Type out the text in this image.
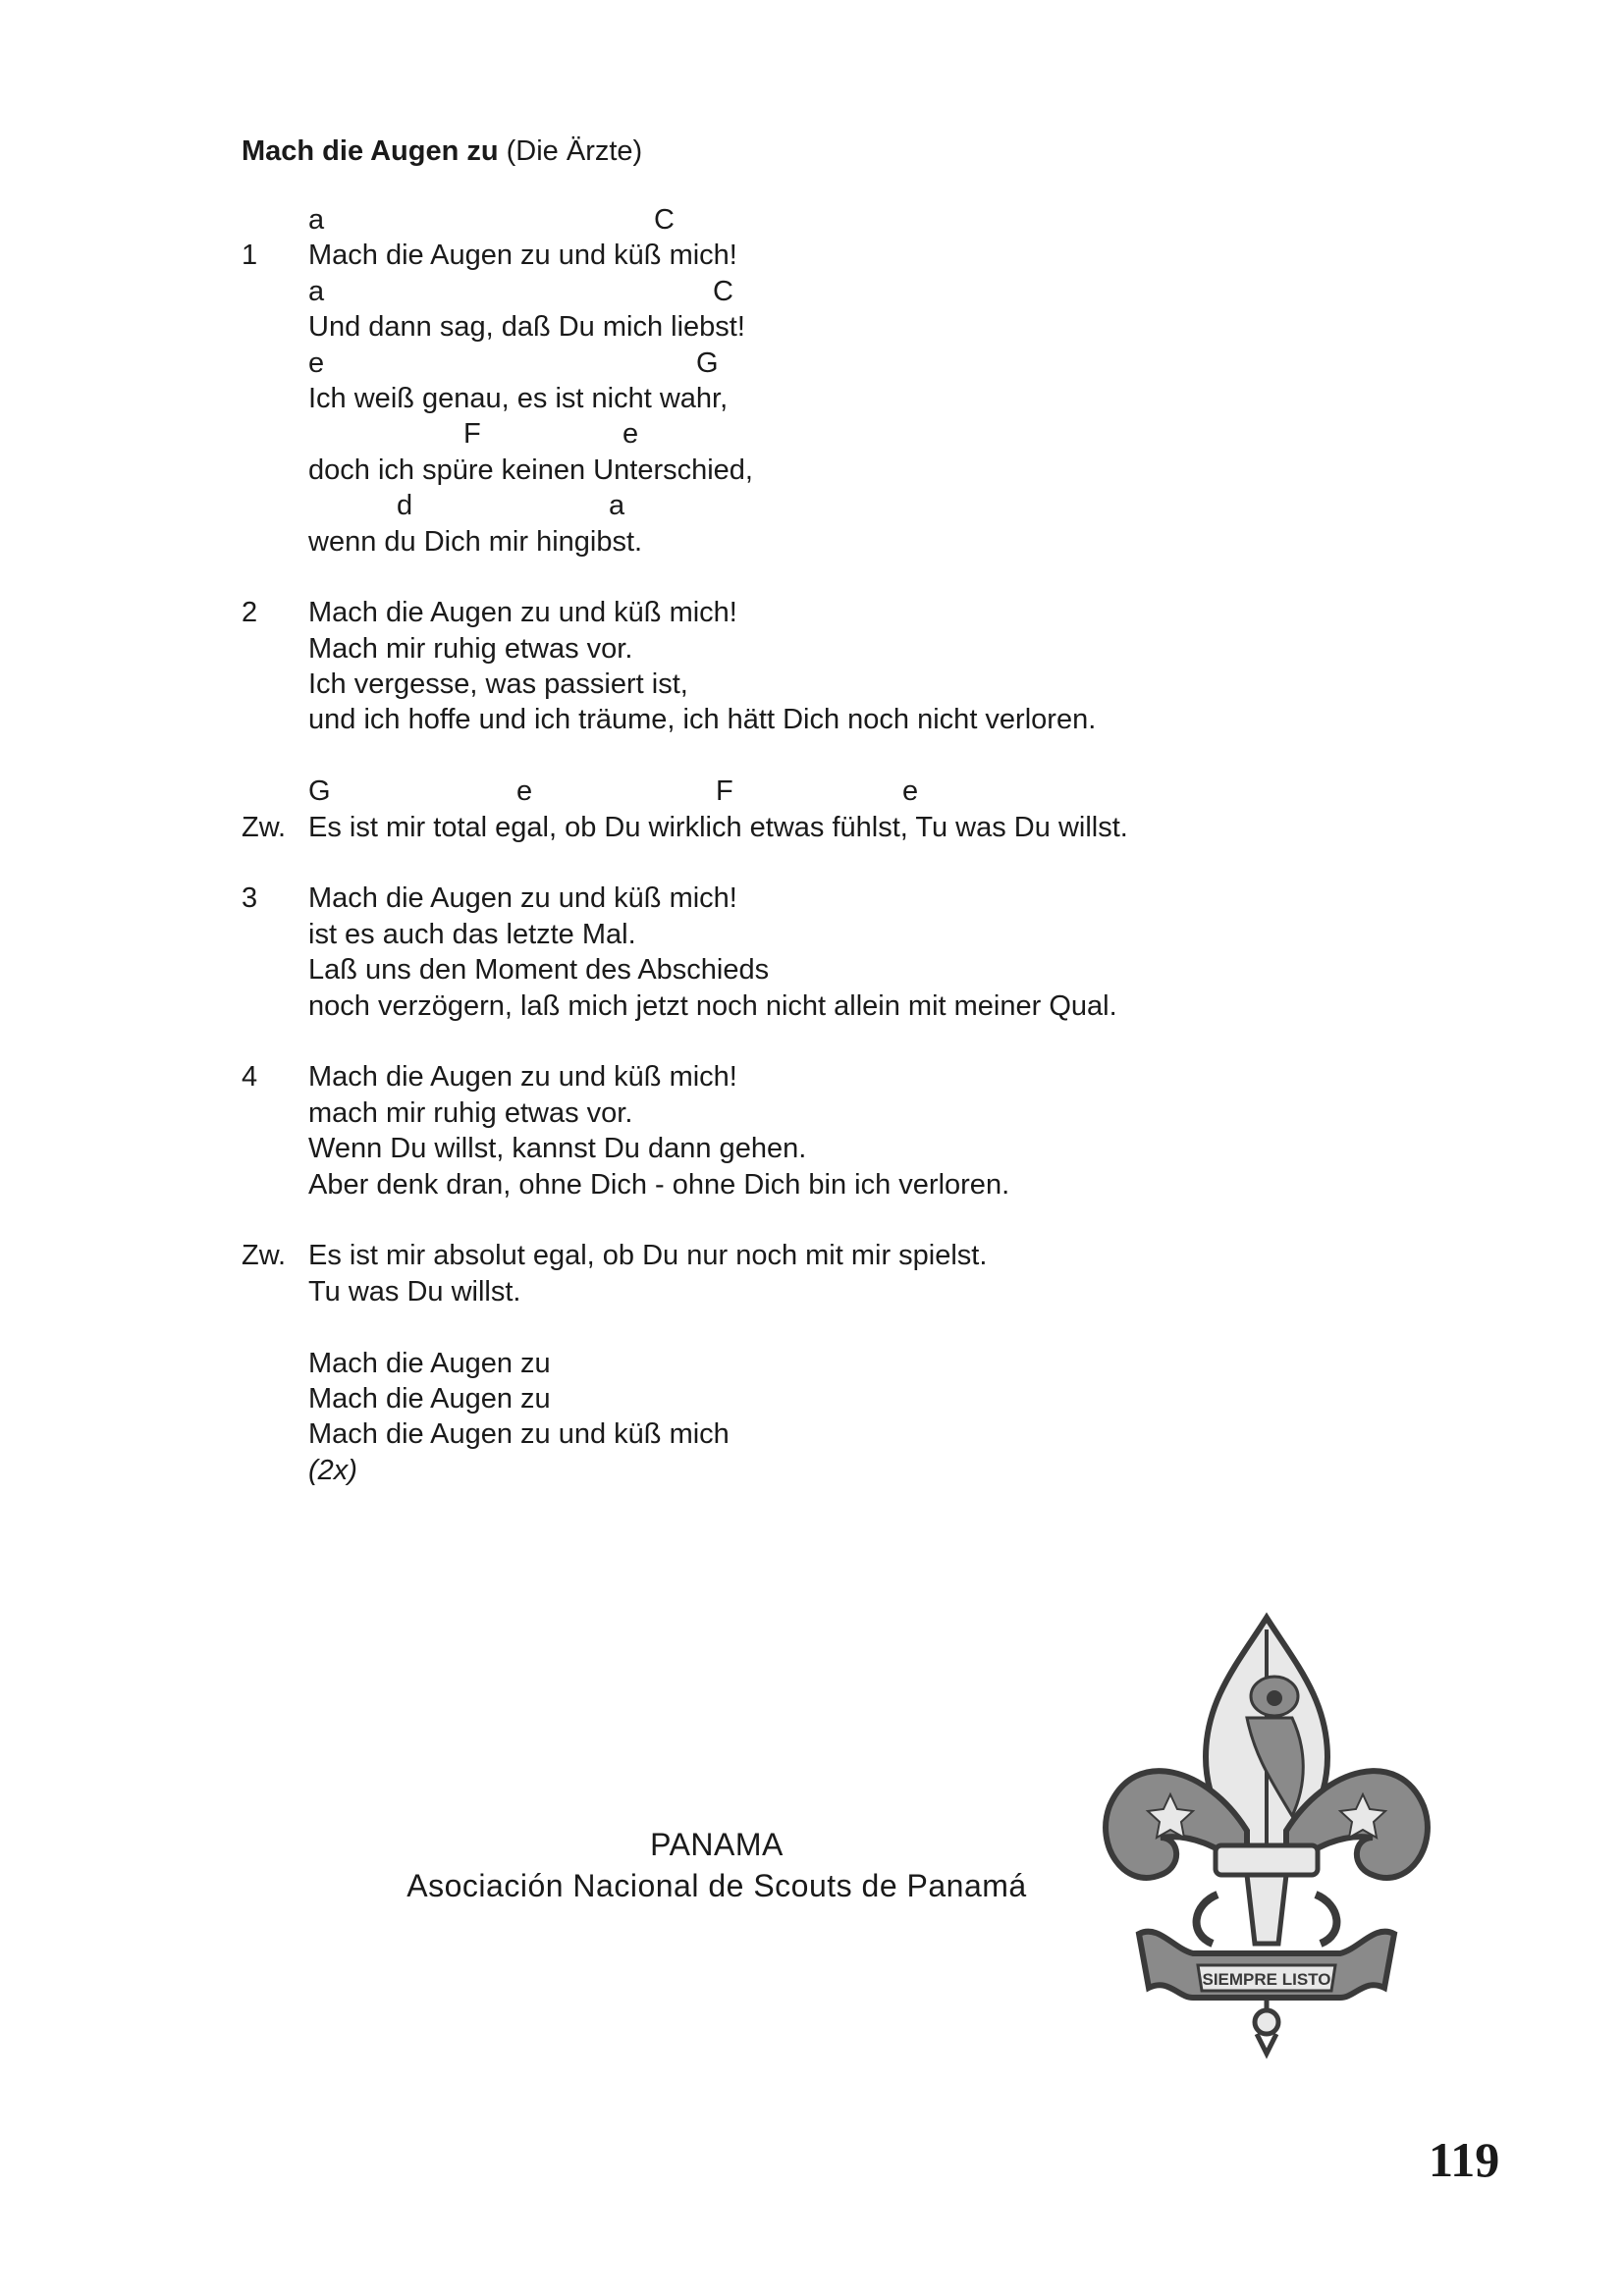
Mach die Augen zu (Die Ärzte)
a	C
1 Mach die Augen zu und küß mich!
a	C
Und dann sag, daß Du mich liebst!
e	G
Ich weiß genau, es ist nicht wahr,
F	e
doch ich spüre keinen Unterschied,
d	a
wenn du Dich mir hingibst.
2 Mach die Augen zu und küß mich!
Mach mir ruhig etwas vor.
Ich vergesse, was passiert ist,
und ich hoffe und ich träume, ich hätt Dich noch nicht verloren.
G	e	F	e
Zw. Es ist mir total egal, ob Du wirklich etwas fühlst, Tu was Du willst.
3 Mach die Augen zu und küß mich!
ist es auch das letzte Mal.
Laß uns den Moment des Abschieds
noch verzögern, laß mich jetzt noch nicht allein mit meiner Qual.
4 Mach die Augen zu und küß mich!
mach mir ruhig etwas vor.
Wenn Du willst, kannst Du dann gehen.
Aber denk dran, ohne Dich - ohne Dich bin ich verloren.
Zw. Es ist mir absolut egal, ob Du nur noch mit mir spielst.
Tu was Du willst.
Mach die Augen zu
Mach die Augen zu
Mach die Augen zu und küß mich
(2x)
PANAMA
Asociación Nacional de Scouts de Panamá
SIEMPRE LISTO
119
